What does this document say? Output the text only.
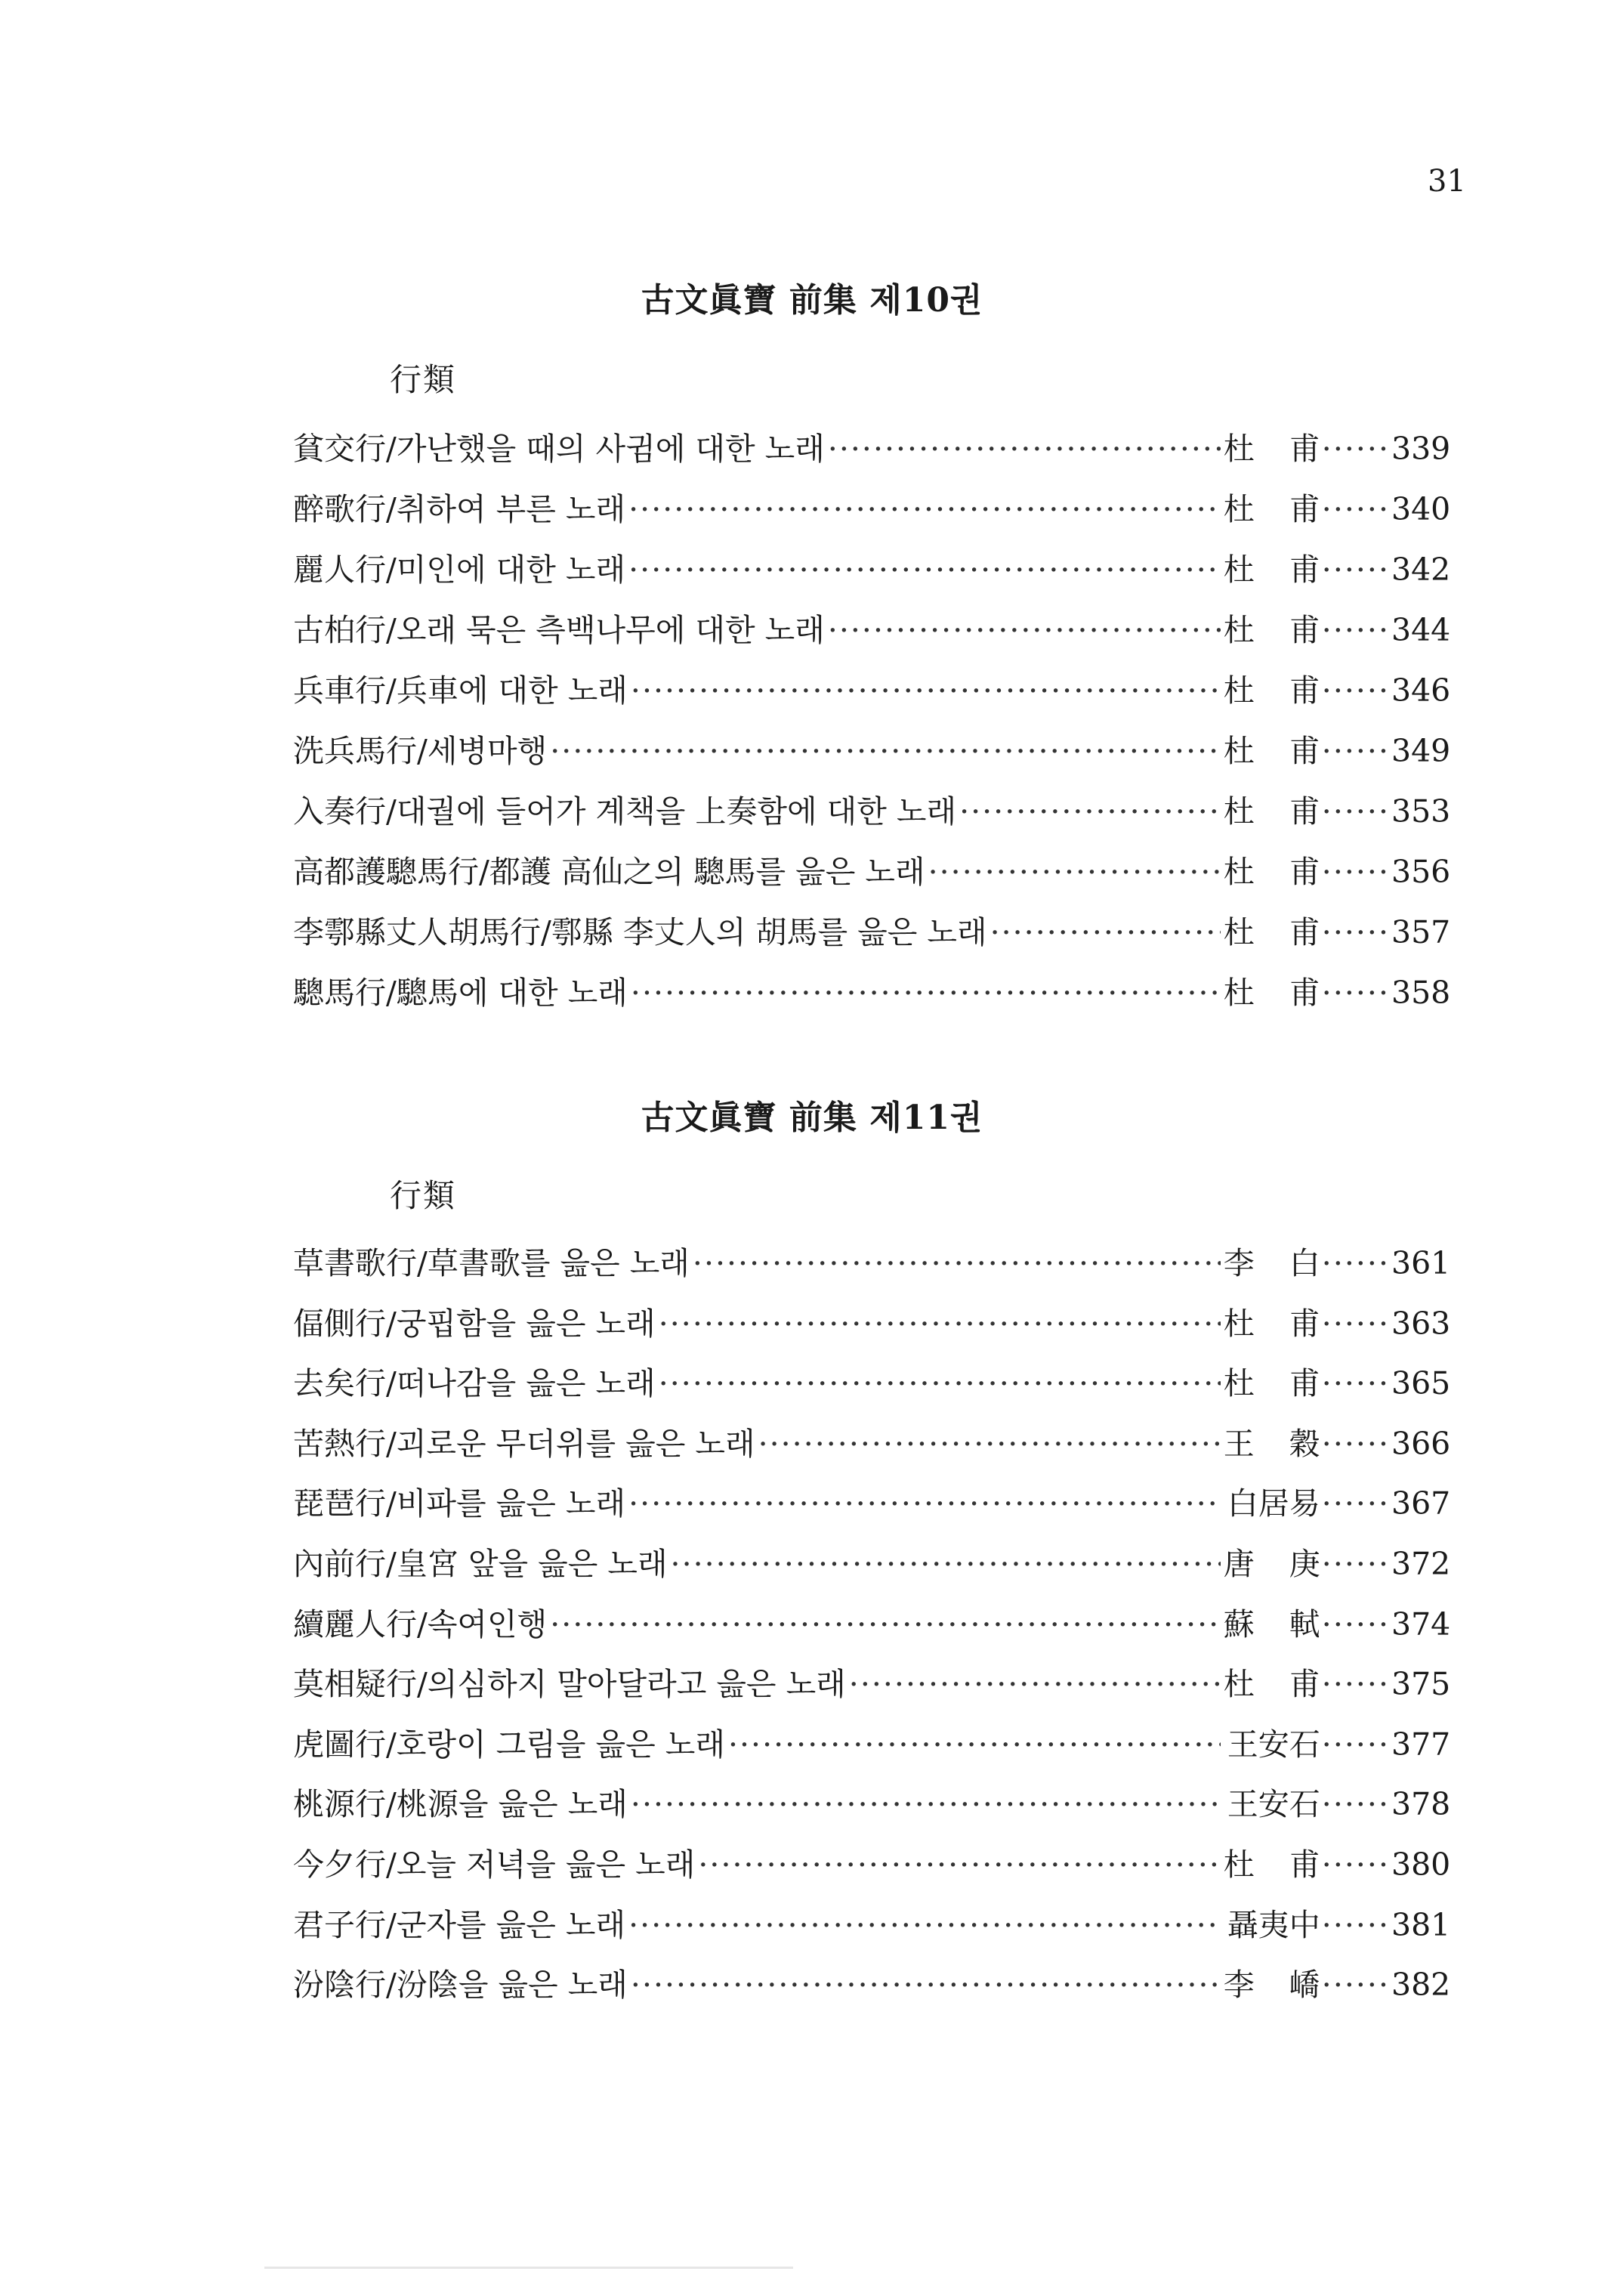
31
古文眞寶 前集 제10권
行類
貧交行/가난했을 때의 사귐에 대한 노래 ·····	杜 甫 ······ 339
醉歌行/취하여 부른 노래 ·····	杜 甫 ······ 340
麗人行/미인에 대한 노래 ·····	杜 甫 ······ 342
古柏行/오래 묵은 측백나무에 대한 노래 ·····	杜 甫 ······ 344
兵車行/兵車에 대한 노래 ·····	杜 甫 ······ 346
洗兵馬行/세병마행 ·····	杜 甫 ······ 349
入奏行/대궐에 들어가 계책을 上奏함에 대한 노래 ·····	杜 甫 ······ 353
高都護驄馬行/都護 高仙之의 驄馬를 읊은 노래 ·····	杜 甫 ······ 356
李鄠縣丈人胡馬行/鄠縣 李丈人의 胡馬를 읊은 노래 ·····	杜 甫 ······ 357
驄馬行/驄馬에 대한 노래 ·····	杜 甫 ······ 358
古文眞寶 前集 제11권
行類
草書歌行/草書歌를 읊은 노래 ·····	李 白 ······ 361
偪側行/궁핍함을 읊은 노래 ·····	杜 甫 ······ 363
去矣行/떠나감을 읊은 노래 ·····	杜 甫 ······ 365
苦熱行/괴로운 무더위를 읊은 노래 ·····	王 穀 ······ 366
琵琶行/비파를 읊은 노래 ·····	白居易 ······ 367
內前行/皇宮 앞을 읊은 노래 ·····	唐 庚 ······ 372
續麗人行/속여인행 ·····	蘇 軾 ······ 374
莫相疑行/의심하지 말아달라고 읊은 노래 ·····	杜 甫 ······ 375
虎圖行/호랑이 그림을 읊은 노래 ·····	王安石 ······ 377
桃源行/桃源을 읊은 노래 ·····	王安石 ······ 378
今夕行/오늘 저녁을 읊은 노래 ·····	杜 甫 ······ 380
君子行/군자를 읊은 노래 ·····	聶夷中 ······ 381
汾陰行/汾陰을 읊은 노래 ·····	李 嶠 ······ 382
